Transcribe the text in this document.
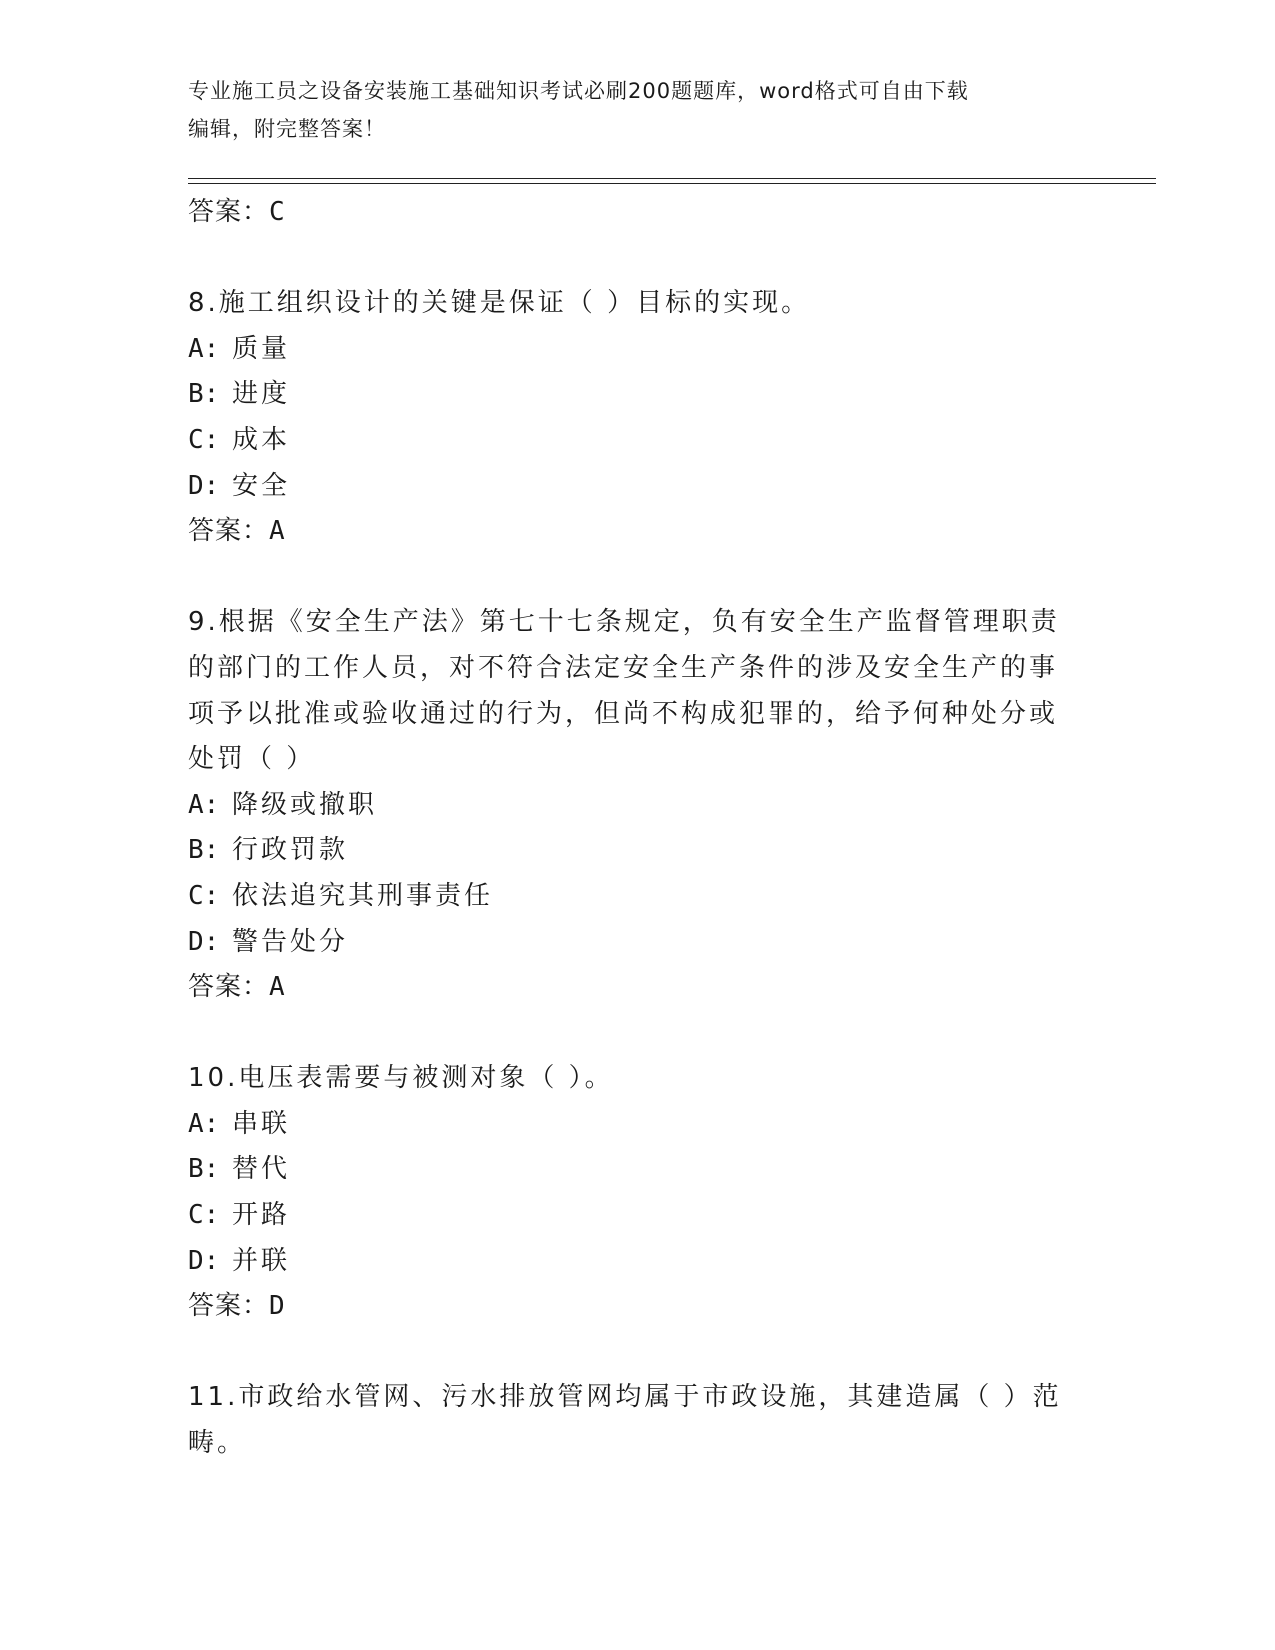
专业施工员之设备安装施工基础知识考试必刷200题题库，word格式可自由下载
编辑，附完整答案！
答案：C
8.施工组织设计的关键是保证（ ）目标的实现。
A: 质量
B: 进度
C: 成本
D: 安全
答案：A
9.根据《安全生产法》第七十七条规定，负有安全生产监督管理职责
的部门的工作人员，对不符合法定安全生产条件的涉及安全生产的事
项予以批准或验收通过的行为，但尚不构成犯罪的，给予何种处分或
处罚（ ）
A: 降级或撤职
B: 行政罚款
C: 依法追究其刑事责任
D: 警告处分
答案：A
10.电压表需要与被测对象（ ）。
A: 串联
B: 替代
C: 开路
D: 并联
答案：D
11.市政给水管网、污水排放管网均属于市政设施，其建造属（ ）范
畴。
